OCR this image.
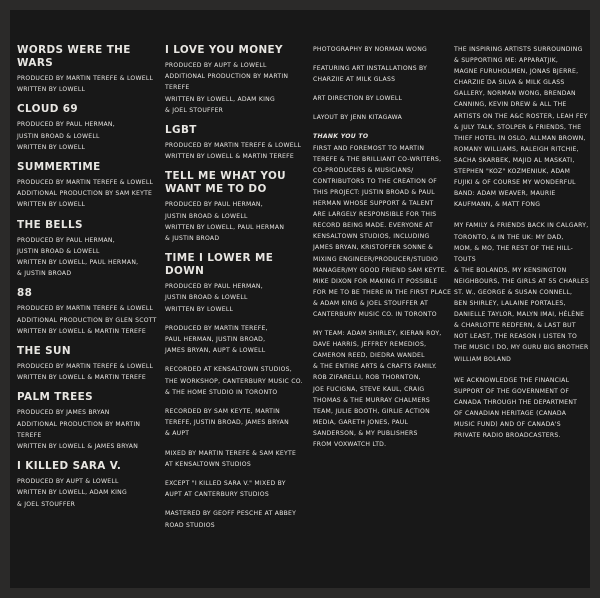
WORDS WERE THE WARS

PRODUCED BY MARTIN TEREFE & LOWELL

WRITTEN BY LOWELL

CLOUD 69

PRODUCED BY PAUL HERMAN,

JUSTIN BROAD & LOWELL

WRITTEN BY LOWELL

SUMMERTIME

PRODUCED BY MARTIN TEREFE & LOWELL

ADDITIONAL PRODUCTION BY SAM KEYTE

WRITTEN BY LOWELL

THE BELLS

PRODUCED BY PAUL HERMAN,

JUSTIN BROAD & LOWELL

WRITTEN BY LOWELL, PAUL HERMAN,

& JUSTIN BROAD

88

PRODUCED BY MARTIN TEREFE & LOWELL

ADDITIONAL PRODUCTION BY GLEN SCOTT

WRITTEN BY LOWELL & MARTIN TEREFE

THE SUN

PRODUCED BY MARTIN TEREFE & LOWELL

WRITTEN BY LOWELL & MARTIN TEREFE

PALM TREES

PRODUCED BY JAMES BRYAN

ADDITIONAL PRODUCTION BY MARTIN TEREFE

WRITTEN BY LOWELL & JAMES BRYAN

I KILLED SARA V.

PRODUCED BY AUPT & LOWELL

WRITTEN BY LOWELL, ADAM KING

& JOEL STOUFFER

I LOVE YOU MONEY

PRODUCED BY AUPT & LOWELL

ADDITIONAL PRODUCTION BY MARTIN TEREFE

WRITTEN BY LOWELL, ADAM KING

& JOEL STOUFFER

LGBT

PRODUCED BY MARTIN TEREFE & LOWELL

WRITTEN BY LOWELL & MARTIN TEREFE

TELL ME WHAT YOU WANT ME TO DO

PRODUCED BY PAUL HERMAN,

JUSTIN BROAD & LOWELL

WRITTEN BY LOWELL, PAUL HERMAN

& JUSTIN BROAD

TIME I LOWER ME DOWN

PRODUCED BY PAUL HERMAN,

JUSTIN BROAD & LOWELL

WRITTEN BY LOWELL

PRODUCED BY MARTIN TEREFE,

PAUL HERMAN, JUSTIN BROAD,

JAMES BRYAN, AUPT & LOWELL

RECORDED AT KENSALTOWN STUDIOS,

THE WORKSHOP, CANTERBURY MUSIC CO.

& THE HOME STUDIO IN TORONTO

RECORDED BY SAM KEYTE, MARTIN

TEREFE, JUSTIN BROAD, JAMES BRYAN

& AUPT

MIXED BY MARTIN TEREFE & SAM KEYTE

AT KENSALTOWN STUDIOS

EXCEPT "I KILLED SARA V." MIXED BY

AUPT AT CANTERBURY STUDIOS

MASTERED BY GEOFF PESCHE AT ABBEY

ROAD STUDIOS

PHOTOGRAPHY BY NORMAN WONG

FEATURING ART INSTALLATIONS BY

CHARZIIE AT MILK GLASS

ART DIRECTION BY LOWELL

LAYOUT BY JENN KITAGAWA

THANK YOU TO

FIRST AND FOREMOST TO MARTIN

TEREFE & THE BRILLIANT CO-WRITERS,

CO-PRODUCERS & MUSICIANS/

CONTRIBUTORS TO THE CREATION OF

THIS PROJECT: JUSTIN BROAD & PAUL

HERMAN WHOSE SUPPORT & TALENT

ARE LARGELY RESPONSIBLE FOR THIS

RECORD BEING MADE. EVERYONE AT

KENSALTOWN STUDIOS, INCLUDING

JAMES BRYAN, KRISTOFFER SONNE &

MIXING ENGINEER/PRODUCER/STUDIO

MANAGER/MY GOOD FRIEND SAM KEYTE.

MIKE DIXON FOR MAKING IT POSSIBLE

FOR ME TO BE THERE IN THE FIRST PLACE

& ADAM KING & JOEL STOUFFER AT

CANTERBURY MUSIC CO. IN TORONTO

MY TEAM: ADAM SHIRLEY, KIERAN ROY,

DAVE HARRIS, JEFFREY REMEDIOS,

CAMERON REED, DIEDRA WANDEL

& THE ENTIRE ARTS & CRAFTS FAMILY.

ROB ZIFARELLI, ROB THORNTON,

JOE FUCIGNA, STEVE KAUL, CRAIG

THOMAS & THE MURRAY CHALMERS

TEAM, JULIE BOOTH, GIRLIE ACTION

MEDIA, GARETH JONES, PAUL

SANDERSON, & MY PUBLISHERS

FROM VOXWATCH LTD.

THE INSPIRING ARTISTS SURROUNDING

& SUPPORTING ME: APPARATJIK,

MAGNE FURUHOLMEN, JONAS BJERRE,

CHARZIIE DA SILVA & MILK GLASS

GALLERY, NORMAN WONG, BRENDAN

CANNING, KEVIN DREW & ALL THE

ARTISTS ON THE A&C ROSTER, LEAH FEY

& JULY TALK, STOLPER & FRIENDS, THE

THIEF HOTEL IN OSLO, ALLMAN BROWN,

ROMANY WILLIAMS, RALEIGH RITCHIE,

SACHA SKARBEK, MAJID AL MASKATI,

STEPHEN "KOZ" KOZMENIUK, ADAM

FUJIKI & OF COURSE MY WONDERFUL

BAND: ADAM WEAVER, MAURIE

KAUFMANN, & MATT FONG

MY FAMILY & FRIENDS BACK IN CALGARY,

TORONTO, & IN THE UK: MY DAD,

MOM, & MO, THE REST OF THE HILL-TOUTS

& THE BOLANDS, MY KENSINGTON

NEIGHBOURS, THE GIRLS AT 55 CHARLES

ST. W., GEORGE & SUSAN CONNELL,

BEN SHIRLEY, LALAINE PORTALES,

DANIELLE TAYLOR, MALYN IMAI, HÉLÈNE

& CHARLOTTE REDFERN, & LAST BUT

NOT LEAST, THE REASON I LISTEN TO

THE MUSIC I DO, MY GURU BIG BROTHER

WILLIAM BOLAND

WE ACKNOWLEDGE THE FINANCIAL

SUPPORT OF THE GOVERNMENT OF

CANADA THROUGH THE DEPARTMENT

OF CANADIAN HERITAGE (CANADA

MUSIC FUND) AND OF CANADA'S

PRIVATE RADIO BROADCASTERS.
